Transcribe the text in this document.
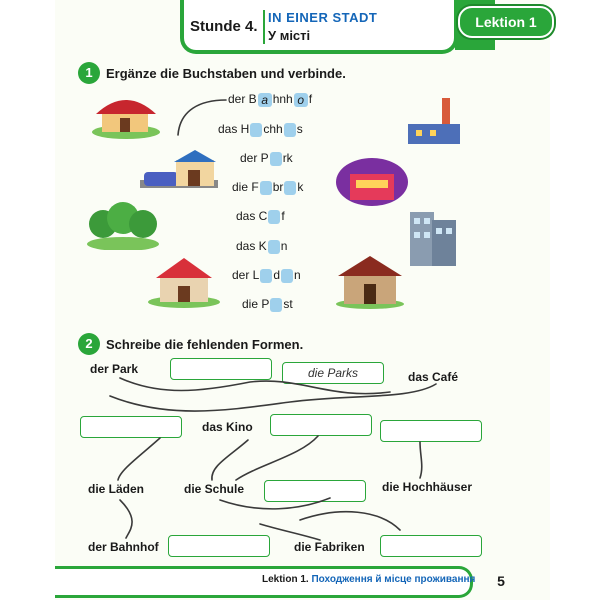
Stunde 4.
IN EINER STADT
У місті
Lektion 1
1	Ergänze die Buchstaben und verbinde.
der B a hnh o f
das H chh s
der P rk
die F br k
das C f
das K n
der L d n
die P st
2	Schreibe die fehlenden Formen.
der Park	die Parks	das Café
das Kino
die Läden	die Schule	die Hochhäuser
der Bahnhof	die Fabriken
Lektion 1. Походження й місце проживання	5
